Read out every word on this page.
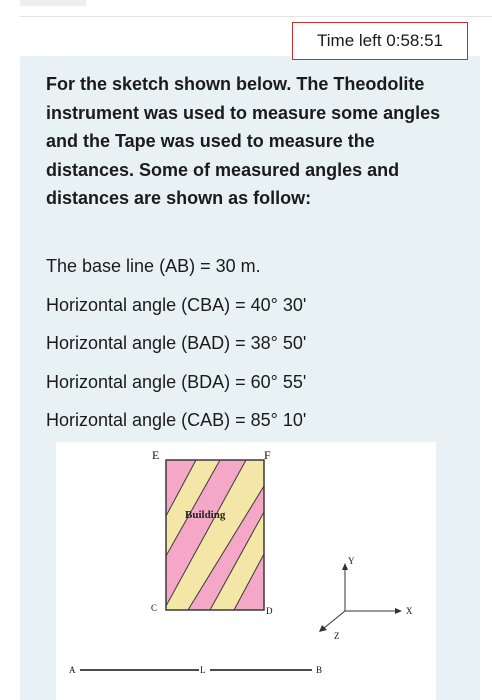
Time left 0:58:51
For the sketch shown below. The Theodolite instrument was used to measure some angles and the Tape was used to measure the distances. Some of measured angles and distances are shown as follow:
The base line (AB) = 30 m.
Horizontal angle (CBA) = 40° 30'
Horizontal angle (BAD) = 38° 50'
Horizontal angle (BDA) = 60° 55'
Horizontal angle (CAB) = 85° 10'
Building
E	F
C	D
A	L	B
Y
X
Z
